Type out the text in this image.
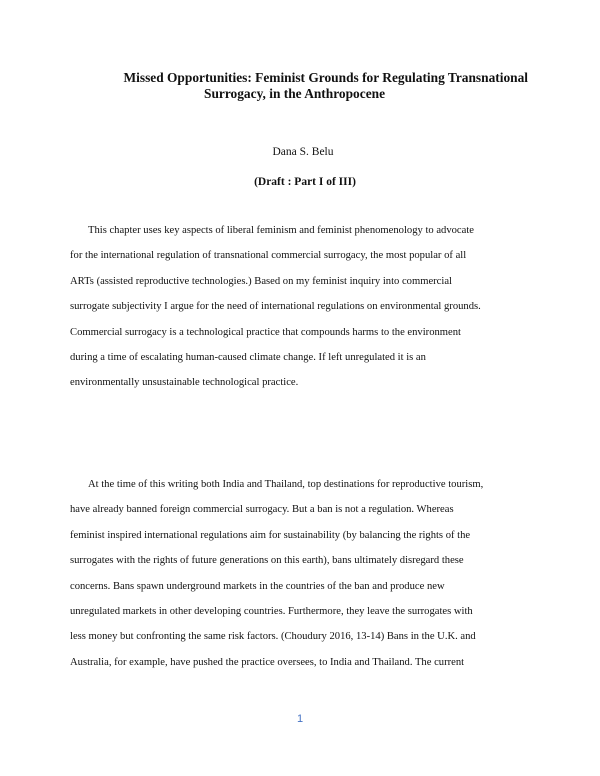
Missed Opportunities: Feminist Grounds for Regulating Transnational
Surrogacy, in the Anthropocene
Dana S. Belu
(Draft : Part I of III)
This chapter uses key aspects of liberal feminism and feminist phenomenology to advocate
for the international regulation of transnational commercial surrogacy, the most popular of all
ARTs (assisted reproductive technologies.) Based on my feminist inquiry into commercial
surrogate subjectivity I argue for the need of international regulations on environmental grounds.
Commercial surrogacy is a technological practice that compounds harms to the environment
during a time of escalating human-caused climate change. If left unregulated it is an
environmentally unsustainable technological practice.
At the time of this writing both India and Thailand, top destinations for reproductive tourism,
have already banned foreign commercial surrogacy. But a ban is not a regulation. Whereas
feminist inspired international regulations aim for sustainability (by balancing the rights of the
surrogates with the rights of future generations on this earth), bans ultimately disregard these
concerns. Bans spawn underground markets in the countries of the ban and produce new
unregulated markets in other developing countries. Furthermore, they leave the surrogates with
less money but confronting the same risk factors. (Choudury 2016, 13-14) Bans in the U.K. and
Australia, for example, have pushed the practice oversees, to India and Thailand. The current
1
